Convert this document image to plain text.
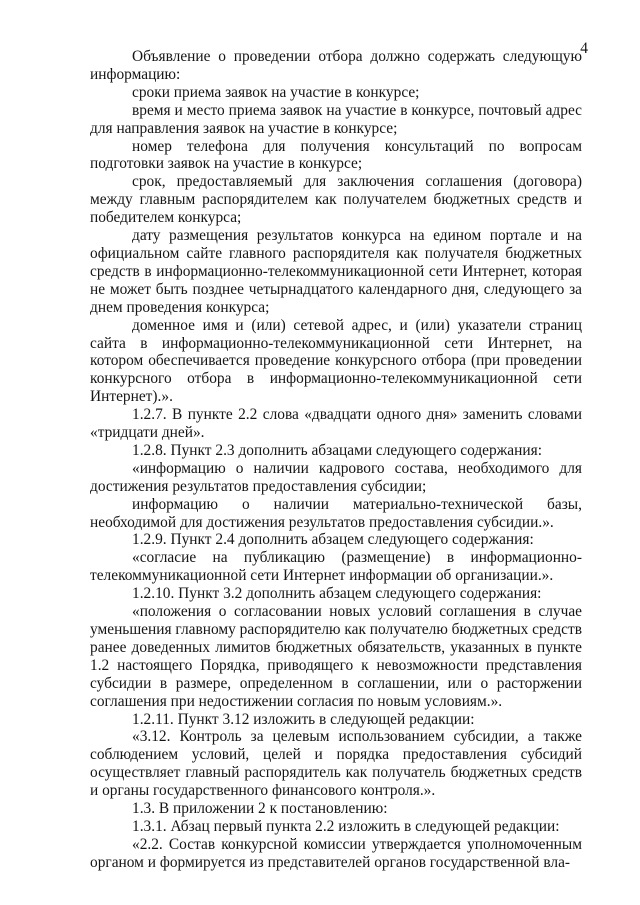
4

Объявление о проведении отбора должно содержать следующую информацию:

сроки приема заявок на участие в конкурсе;

время и место приема заявок на участие в конкурсе, почтовый адрес для направления заявок на участие в конкурсе;

номер телефона для получения консультаций по вопросам подготовки заявок на участие в конкурсе;

срок, предоставляемый для заключения соглашения (договора) между главным распорядителем как получателем бюджетных средств и победителем конкурса;

дату размещения результатов конкурса на едином портале и на официальном сайте главного распорядителя как получателя бюджетных средств в информационно-телекоммуникационной сети Интернет, которая не может быть позднее четырнадцатого календарного дня, следующего за днем проведения конкурса;

доменное имя и (или) сетевой адрес, и (или) указатели страниц сайта в информационно-телекоммуникационной сети Интернет, на котором обеспечивается проведение конкурсного отбора (при проведении конкурсного отбора в информационно-телекоммуникационной сети Интернет).».

1.2.7. В пункте 2.2 слова «двадцати одного дня» заменить словами «тридцати дней».

1.2.8. Пункт 2.3 дополнить абзацами следующего содержания:

«информацию о наличии кадрового состава, необходимого для достижения результатов предоставления субсидии;

информацию о наличии материально-технической базы, необходимой для достижения результатов предоставления субсидии.».

1.2.9. Пункт 2.4 дополнить абзацем следующего содержания:

«согласие на публикацию (размещение) в информационно-телекоммуникационной сети Интернет информации об организации.».

1.2.10. Пункт 3.2 дополнить абзацем следующего содержания:

«положения о согласовании новых условий соглашения в случае уменьшения главному распорядителю как получателю бюджетных средств ранее доведенных лимитов бюджетных обязательств, указанных в пункте 1.2 настоящего Порядка, приводящего к невозможности представления субсидии в размере, определенном в соглашении, или о расторжении соглашения при недостижении согласия по новым условиям.».

1.2.11. Пункт 3.12 изложить в следующей редакции:

«3.12. Контроль за целевым использованием субсидии, а также соблюдением условий, целей и порядка предоставления субсидий осуществляет главный распорядитель как получатель бюджетных средств и органы государственного финансового контроля.».

1.3. В приложении 2 к постановлению:

1.3.1. Абзац первый пункта 2.2 изложить в следующей редакции:

«2.2. Состав конкурсной комиссии утверждается уполномоченным органом и формируется из представителей органов государственной вла-
